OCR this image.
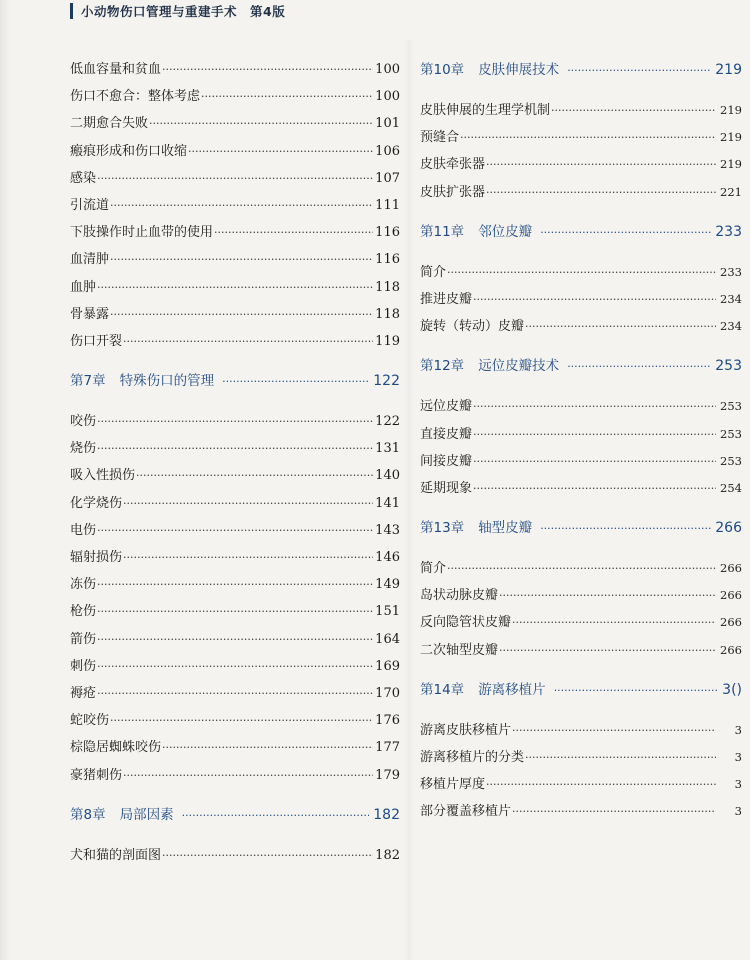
小动物伤口管理与重建手术　第4版
低血容量和贫血 ·····	100
伤口不愈合：整体考虑 ·····	100
二期愈合失败 ·····	101
瘢痕形成和伤口收缩 ·····	106
感染 ·····	107
引流道 ·····	111
下肢操作时止血带的使用 ·····	116
血清肿 ·····	116
血肿 ·····	118
骨暴露 ·····	118
伤口开裂 ·····	119
第7章 特殊伤口的管理 ·····	122
咬伤 ·····	122
烧伤 ·····	131
吸入性损伤 ·····	140
化学烧伤 ·····	141
电伤 ·····	143
辐射损伤 ·····	146
冻伤 ·····	149
枪伤 ·····	151
箭伤 ·····	164
刺伤 ·····	169
褥疮 ·····	170
蛇咬伤 ·····	176
棕隐居蜘蛛咬伤 ·····	177
豪猪刺伤 ·····	179
第8章 局部因素 ·····	182
犬和猫的剖面图 ·····	182
第10章 皮肤伸展技术 ·····	219
皮肤伸展的生理学机制 ·····	219
预缝合 ·····	219
皮肤牵张器 ·····	219
皮肤扩张器 ·····	221
第11章 邻位皮瓣 ·····	233
简介 ·····	233
推进皮瓣 ·····	234
旋转（转动）皮瓣 ·····	234
第12章 远位皮瓣技术 ·····	253
远位皮瓣 ·····	253
直接皮瓣 ·····	253
间接皮瓣 ·····	253
延期现象 ·····	254
第13章 轴型皮瓣 ·····	266
简介 ·····	266
岛状动脉皮瓣 ·····	266
反向隐管状皮瓣 ·····	266
二次轴型皮瓣 ·····	266
第14章 游离移植片 ·····	3()
游离皮肤移植片 ·····	3
游离移植片的分类 ·····	3
移植片厚度 ·····	3
部分覆盖移植片 ·····	3
